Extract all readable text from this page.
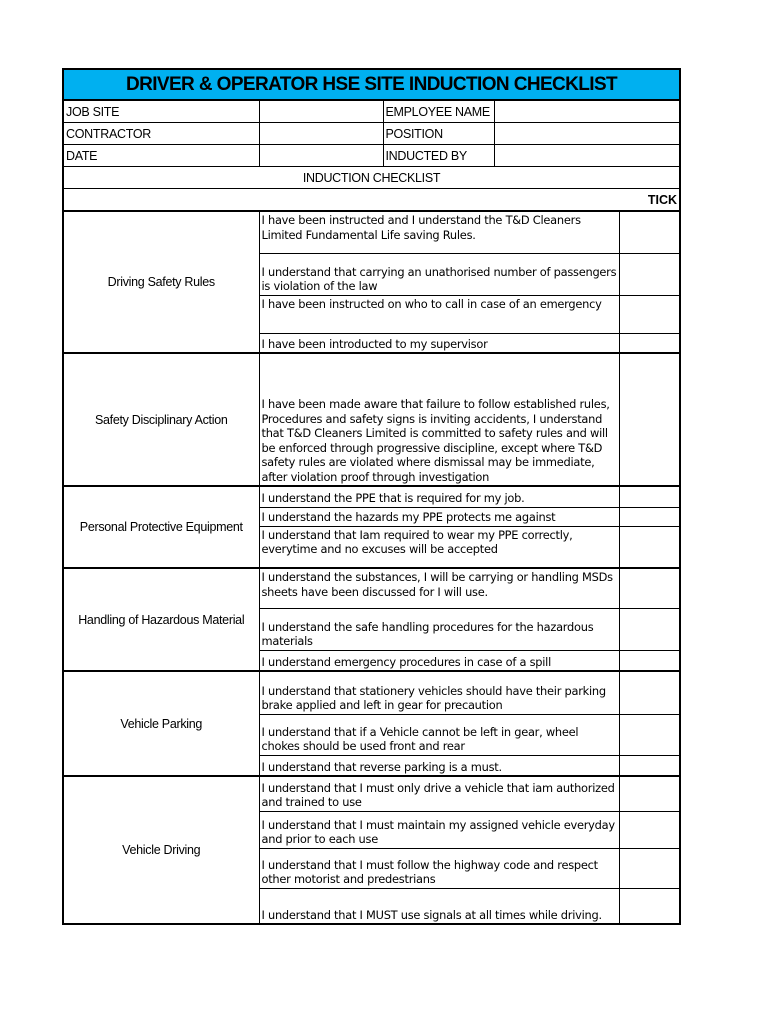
DRIVER & OPERATOR HSE SITE INDUCTION CHECKLIST				
JOB SITE		EMPLOYEE NAME		
CONTRACTOR		POSITION		
DATE		INDUCTED BY		
INDUCTION CHECKLIST				
TICK				
Driving Safety Rules	I have been instructed and I understand the T&D Cleaners Limited Fundamental Life saving Rules.			
	I understand that carrying an unathorised number of passengers is violation of the law			
	I have been instructed on who to call in case of an emergency			
	I have been introducted to my supervisor			
Safety Disciplinary Action	I have been made aware that failure to follow established rules, Procedures and safety signs is inviting accidents, I understand that T&D Cleaners Limited is committed to safety rules and will be enforced through progressive discipline, except where T&D safety rules are violated where dismissal may be immediate, after violation proof through investigation			
Personal Protective Equipment	I understand the PPE that is required for my job.			
	I understand the hazards my PPE protects me against			
	I understand that Iam required to wear my PPE correctly, everytime and no excuses will be accepted			
Handling of Hazardous Material	I understand the substances, I will be carrying or handling MSDs sheets have been discussed for I will use.			
	I understand the safe handling procedures for the hazardous materials			
	I understand emergency procedures in case of a spill			
Vehicle Parking	I understand that stationery vehicles should have their parking brake applied and left in gear for precaution			
	I understand that if a Vehicle cannot be left in gear, wheel chokes should be used front and rear			
	I understand that reverse parking is a must.			
Vehicle Driving	I understand that I must only drive a vehicle that iam authorized and trained to use			
	I understand that I must maintain my assigned vehicle everyday and prior to each use			
	I understand that I must follow the highway code and respect other motorist and predestrians			
	I understand that I MUST use signals at all times while driving.			
